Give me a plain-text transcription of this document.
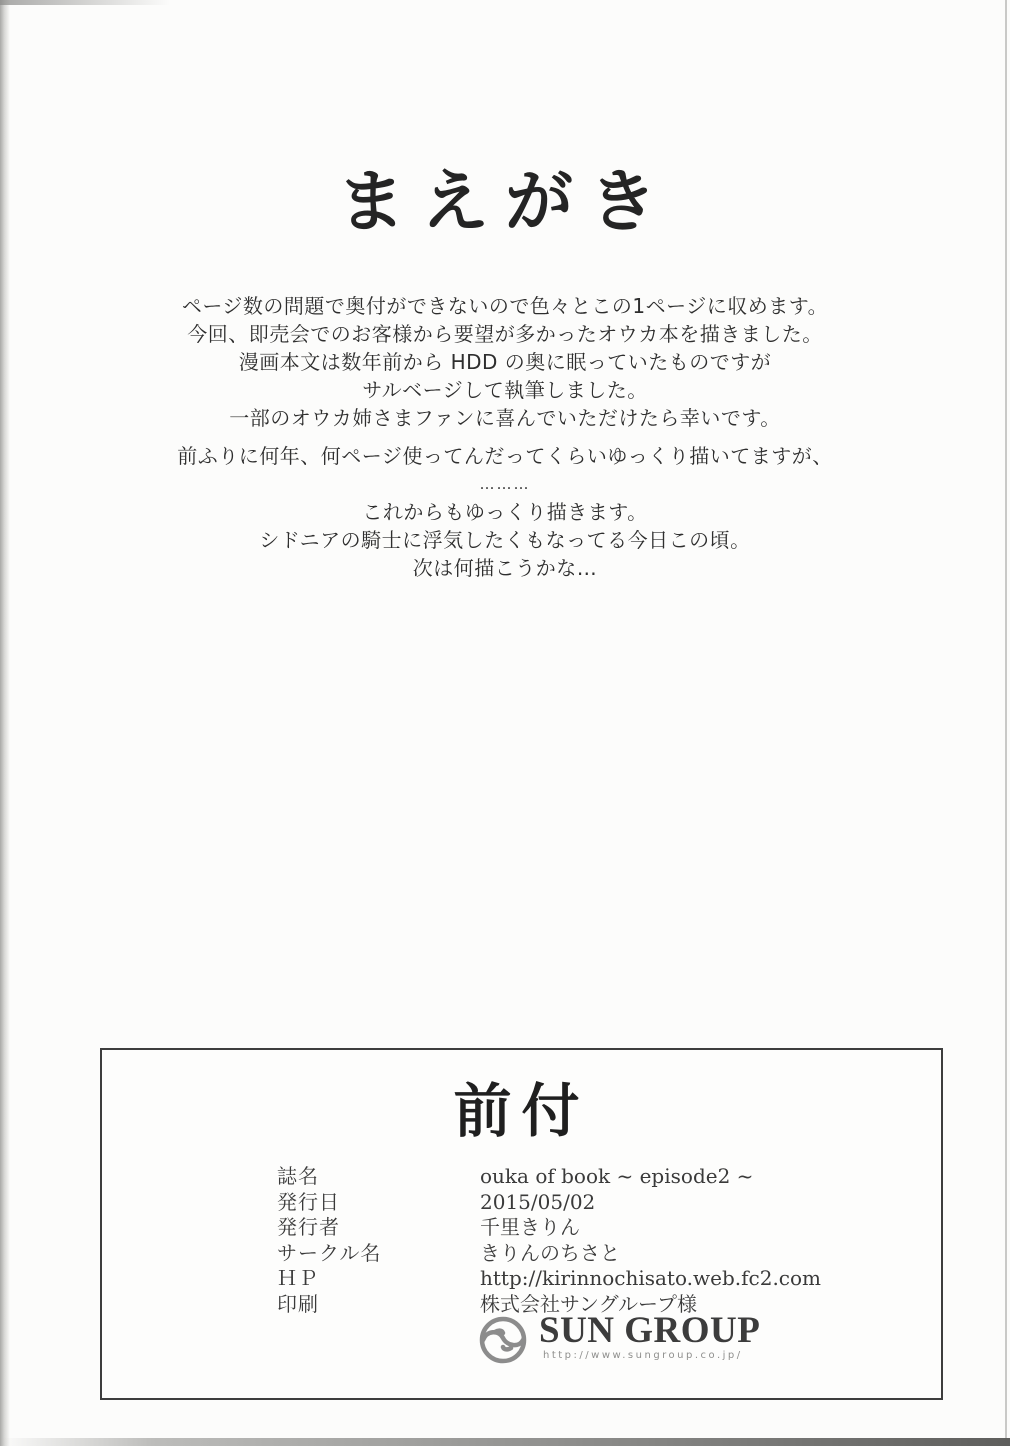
まえがき
ページ数の問題で奥付ができないので色々とこの1ページに収めます。
今回、即売会でのお客様から要望が多かったオウカ本を描きました。
漫画本文は数年前から HDD の奥に眠っていたものですが
サルベージして執筆しました。
一部のオウカ姉さまファンに喜んでいただけたら幸いです。
前ふりに何年、何ページ使ってんだってくらいゆっくり描いてますが、
………
これからもゆっくり描きます。
シドニアの騎士に浮気したくもなってる今日この頃。
次は何描こうかな…
前付
誌名	ouka of book ~ episode2 ~
発行日	2015/05/02
発行者	千里きりん
サークル名	きりんのちさと
ＨＰ	http://kirinnochisato.web.fc2.com
印刷	株式会社サングループ様
SUN GROUP
http://www.sungroup.co.jp/
